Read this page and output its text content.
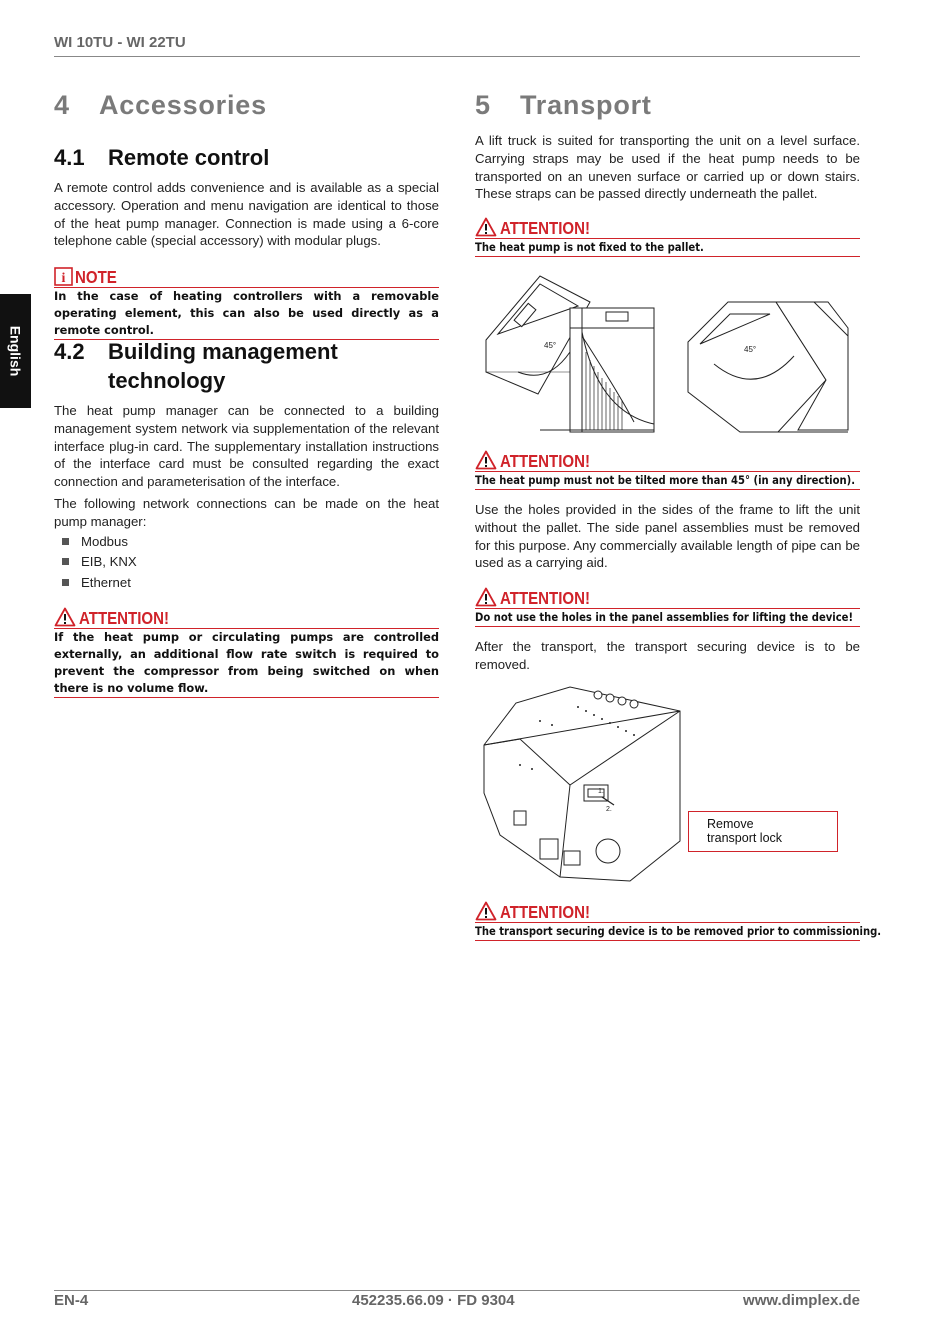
WI 10TU - WI 22TU
English
4 Accessories
4.1 Remote control
A remote control adds convenience and is available as a special accessory. Operation and menu navigation are identical to those of the heat pump manager. Connection is made using a 6-core telephone cable (special accessory) with modular plugs.
i NOTE
In the case of heating controllers with a removable operating element, this can also be used directly as a remote control.
4.2 Building management
technology
The heat pump manager can be connected to a building management system network via supplementation of the relevant interface plug-in card. The supplementary installation instructions of the interface card must be consulted regarding the exact connection and parameterisation of the interface.
The following network connections can be made on the heat pump manager:
Modbus
EIB, KNX
Ethernet
ATTENTION!
If the heat pump or circulating pumps are controlled externally, an additional flow rate switch is required to prevent the compressor from being switched on when there is no volume flow.
5 Transport
A lift truck is suited for transporting the unit on a level surface. Carrying straps may be used if the heat pump needs to be transported on an uneven surface or carried up or down stairs. These straps can be passed directly underneath the pallet.
ATTENTION!
The heat pump is not fixed to the pallet.
45°	45°
ATTENTION!
The heat pump must not be tilted more than 45° (in any direction).
Use the holes provided in the sides of the frame to lift the unit without the pallet. The side panel assemblies must be removed for this purpose. Any commercially available length of pipe can be used as a carrying aid.
ATTENTION!
Do not use the holes in the panel assemblies for lifting the device!
After the transport, the transport securing device is to be removed.
1.
2.
Remove
transport lock
ATTENTION!
The transport securing device is to be removed prior to commissioning.
EN-4	452235.66.09 · FD 9304	www.dimplex.de
